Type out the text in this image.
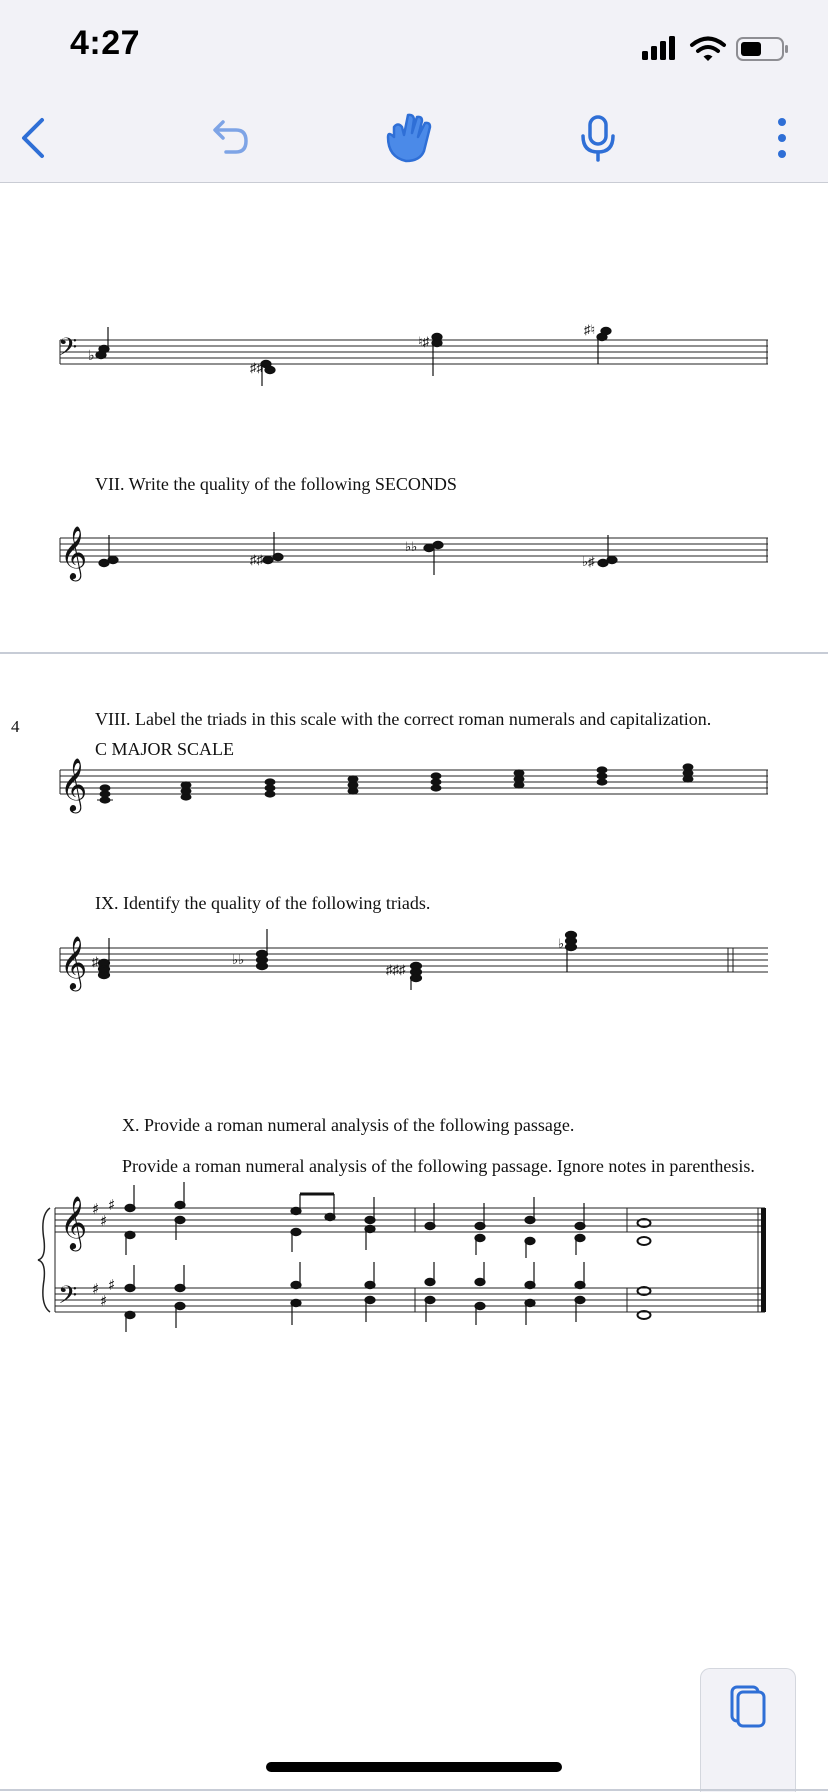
4:27
𝄢
𝄞
𝄞
𝄞
𝄞
𝄢
♯
♯
♯
♯
♯
♯
♭
♯♯
♮♯
♯♮
♯♯
♭♭
♭♯
♯	♭♭
♯♯♯
♭
4
VII. Write the quality of the following SECONDS
VIII. Label the triads in this scale with the correct roman numerals and capitalization.
C MAJOR SCALE
IX. Identify the quality of the following triads.
X. Provide a roman numeral analysis of the following passage.
Provide a roman numeral analysis of the following passage. Ignore notes in parenthesis.
